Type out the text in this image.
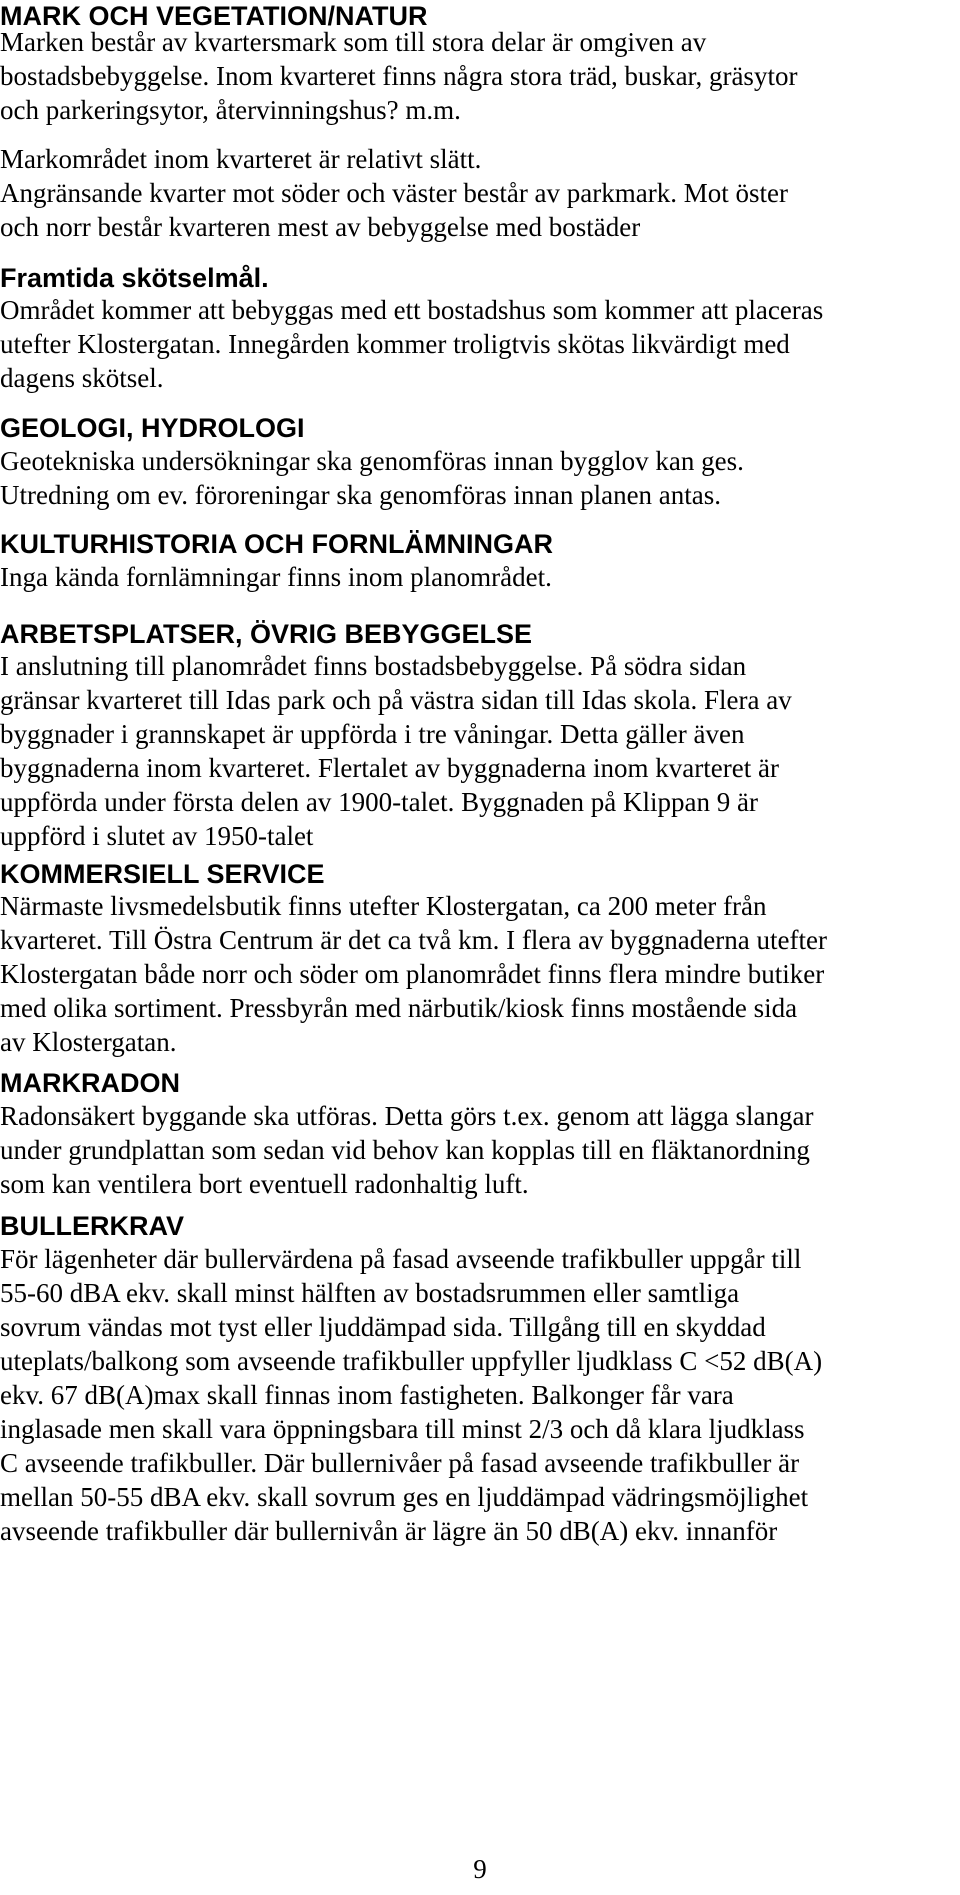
MARK OCH VEGETATION/NATUR
Marken består av kvartersmark som till stora delar är omgiven av
bostadsbebyggelse. Inom kvarteret finns några stora träd, buskar, gräsytor
och parkeringsytor, återvinningshus? m.m.
Markområdet inom kvarteret är relativt slätt.
Angränsande kvarter mot söder och väster består av parkmark. Mot öster
och norr består kvarteren mest av bebyggelse med bostäder
Framtida skötselmål.
Området kommer att bebyggas med ett bostadshus som kommer att placeras
utefter Klostergatan. Innegården kommer troligtvis skötas likvärdigt med
dagens skötsel.
GEOLOGI, HYDROLOGI
Geotekniska undersökningar ska genomföras innan bygglov kan ges.
Utredning om ev. föroreningar ska genomföras innan planen antas.
KULTURHISTORIA OCH FORNLÄMNINGAR
Inga kända fornlämningar finns inom planområdet.
ARBETSPLATSER, ÖVRIG BEBYGGELSE
I anslutning till planområdet finns bostadsbebyggelse. På södra sidan
gränsar kvarteret till Idas park och på västra sidan till Idas skola. Flera av
byggnader i grannskapet är uppförda i tre våningar. Detta gäller även
byggnaderna inom kvarteret. Flertalet av byggnaderna inom kvarteret är
uppförda under första delen av 1900-talet. Byggnaden på Klippan 9 är
uppförd i slutet av 1950-talet
KOMMERSIELL SERVICE
Närmaste livsmedelsbutik finns utefter Klostergatan, ca 200 meter från
kvarteret. Till Östra Centrum är det ca två km. I flera av byggnaderna utefter
Klostergatan både norr och söder om planområdet finns flera mindre butiker
med olika sortiment. Pressbyrån med närbutik/kiosk finns mostående sida
av Klostergatan.
MARKRADON
Radonsäkert byggande ska utföras. Detta görs t.ex. genom att lägga slangar
under grundplattan som sedan vid behov kan kopplas till en fläktanordning
som kan ventilera bort eventuell radonhaltig luft.
BULLERKRAV
För lägenheter där bullervärdena på fasad avseende trafikbuller uppgår till
55-60 dBA ekv. skall minst hälften av bostadsrummen eller samtliga
sovrum vändas mot tyst eller ljuddämpad sida. Tillgång till en skyddad
uteplats/balkong som avseende trafikbuller uppfyller ljudklass C <52 dB(A)
ekv. 67 dB(A)max skall finnas inom fastigheten. Balkonger får vara
inglasade men skall vara öppningsbara till minst 2/3 och då klara ljudklass
C avseende trafikbuller. Där bullernivåer på fasad avseende trafikbuller är
mellan 50-55 dBA ekv. skall sovrum ges en ljuddämpad vädringsmöjlighet
avseende trafikbuller där bullernivån är lägre än 50 dB(A) ekv. innanför
9
